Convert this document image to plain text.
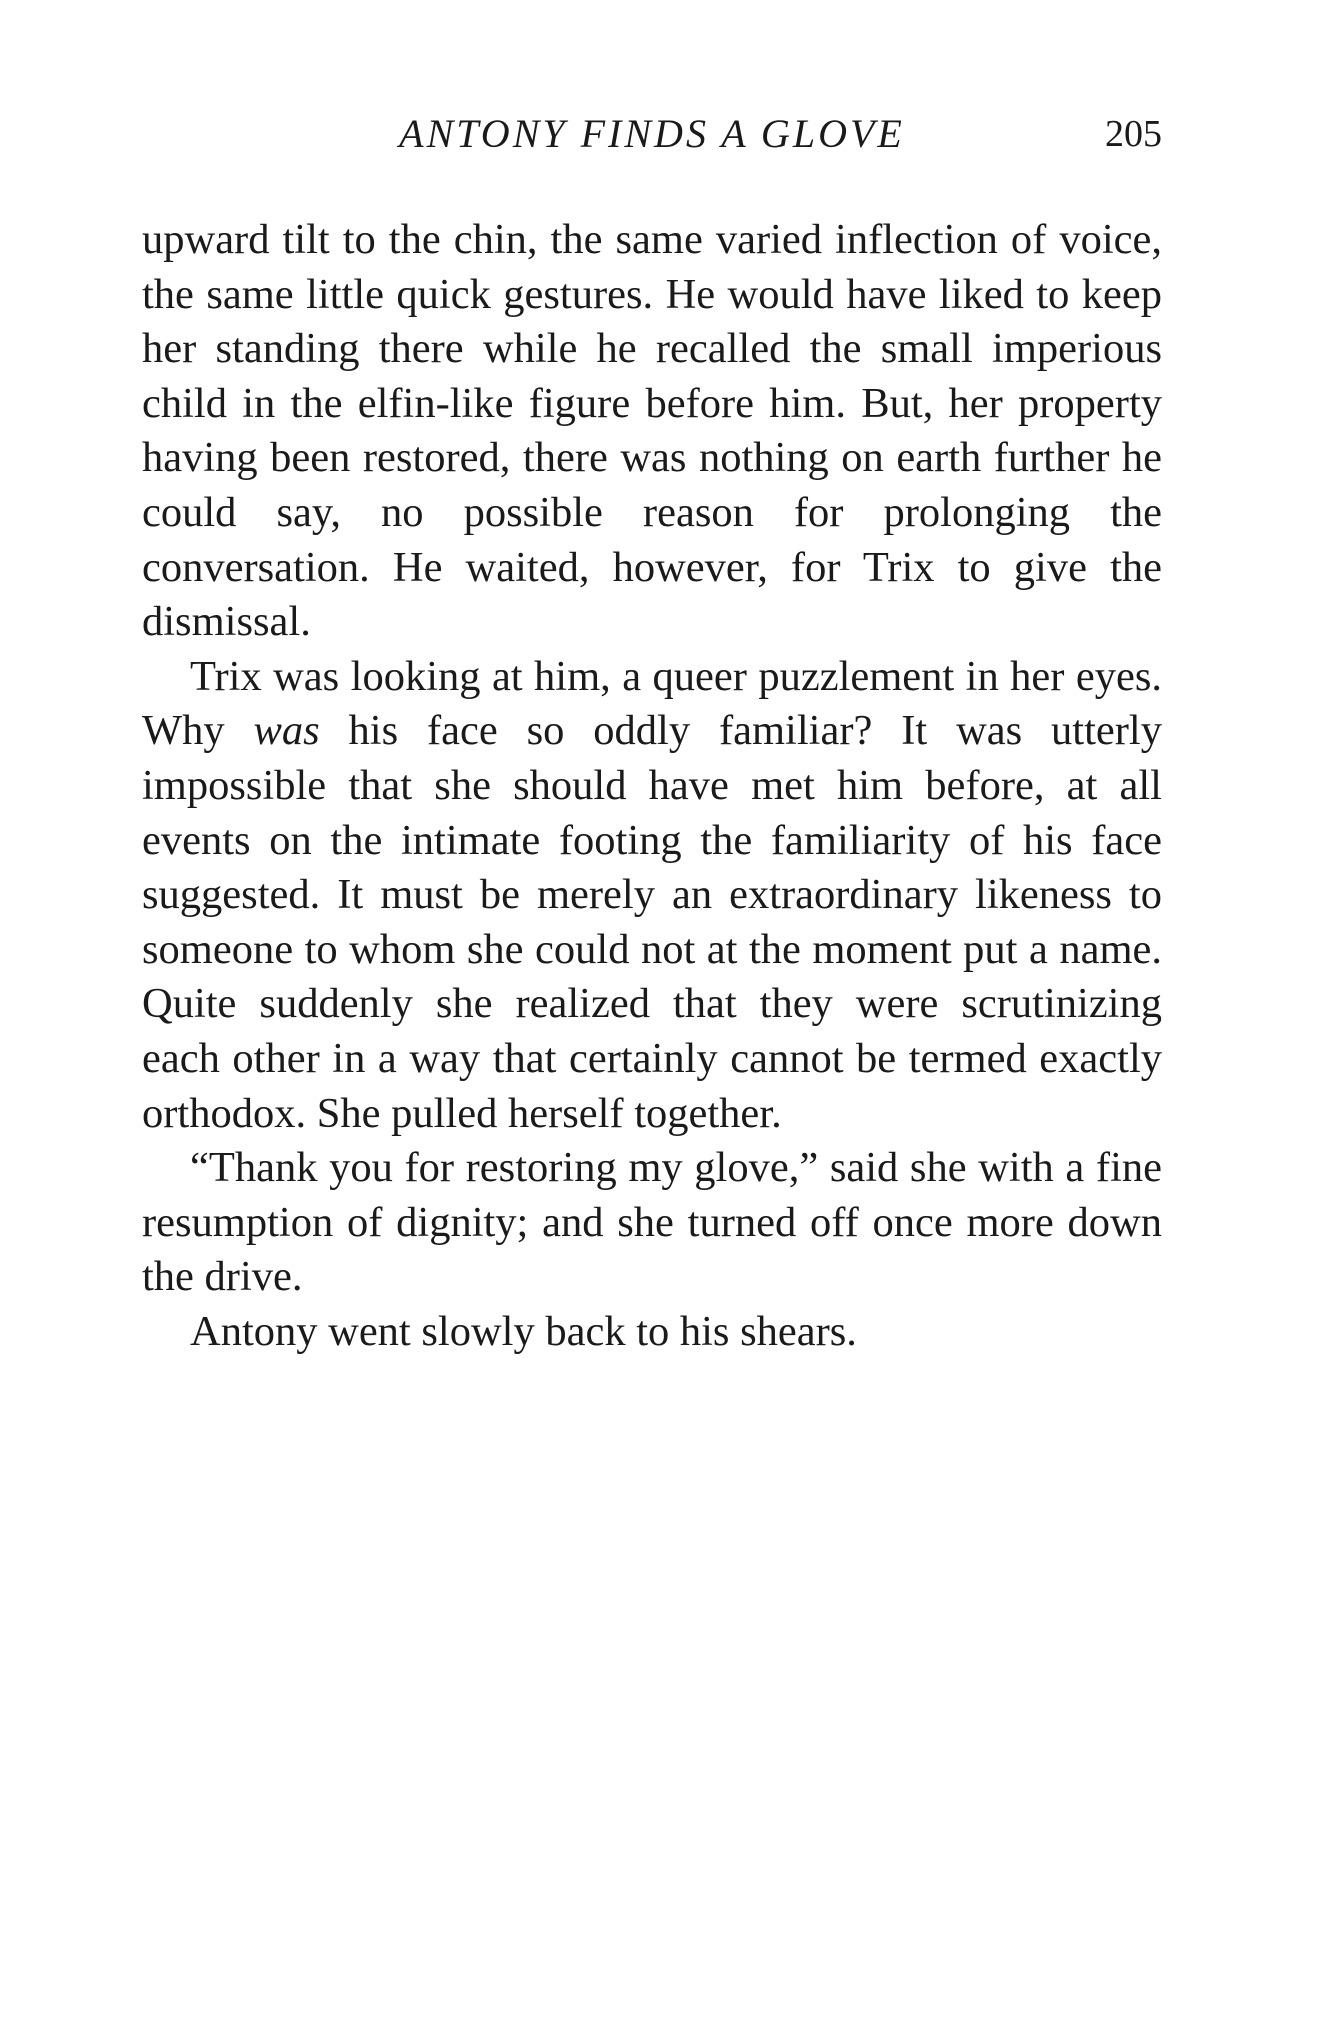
ANTONY FINDS A GLOVE	205

upward tilt to the chin, the same varied inflection of voice, the same little quick gestures. He would have liked to keep her standing there while he recalled the small imperious child in the elfin-like figure before him. But, her property having been restored, there was nothing on earth further he could say, no possible reason for prolonging the conversation. He waited, however, for Trix to give the dismissal.

Trix was looking at him, a queer puzzlement in her eyes. Why was his face so oddly familiar? It was utterly impossible that she should have met him before, at all events on the intimate footing the familiarity of his face suggested. It must be merely an extraordinary likeness to someone to whom she could not at the moment put a name. Quite suddenly she realized that they were scrutinizing each other in a way that certainly cannot be termed exactly orthodox. She pulled herself together.

“Thank you for restoring my glove,” said she with a fine resumption of dignity; and she turned off once more down the drive.

Antony went slowly back to his shears.
